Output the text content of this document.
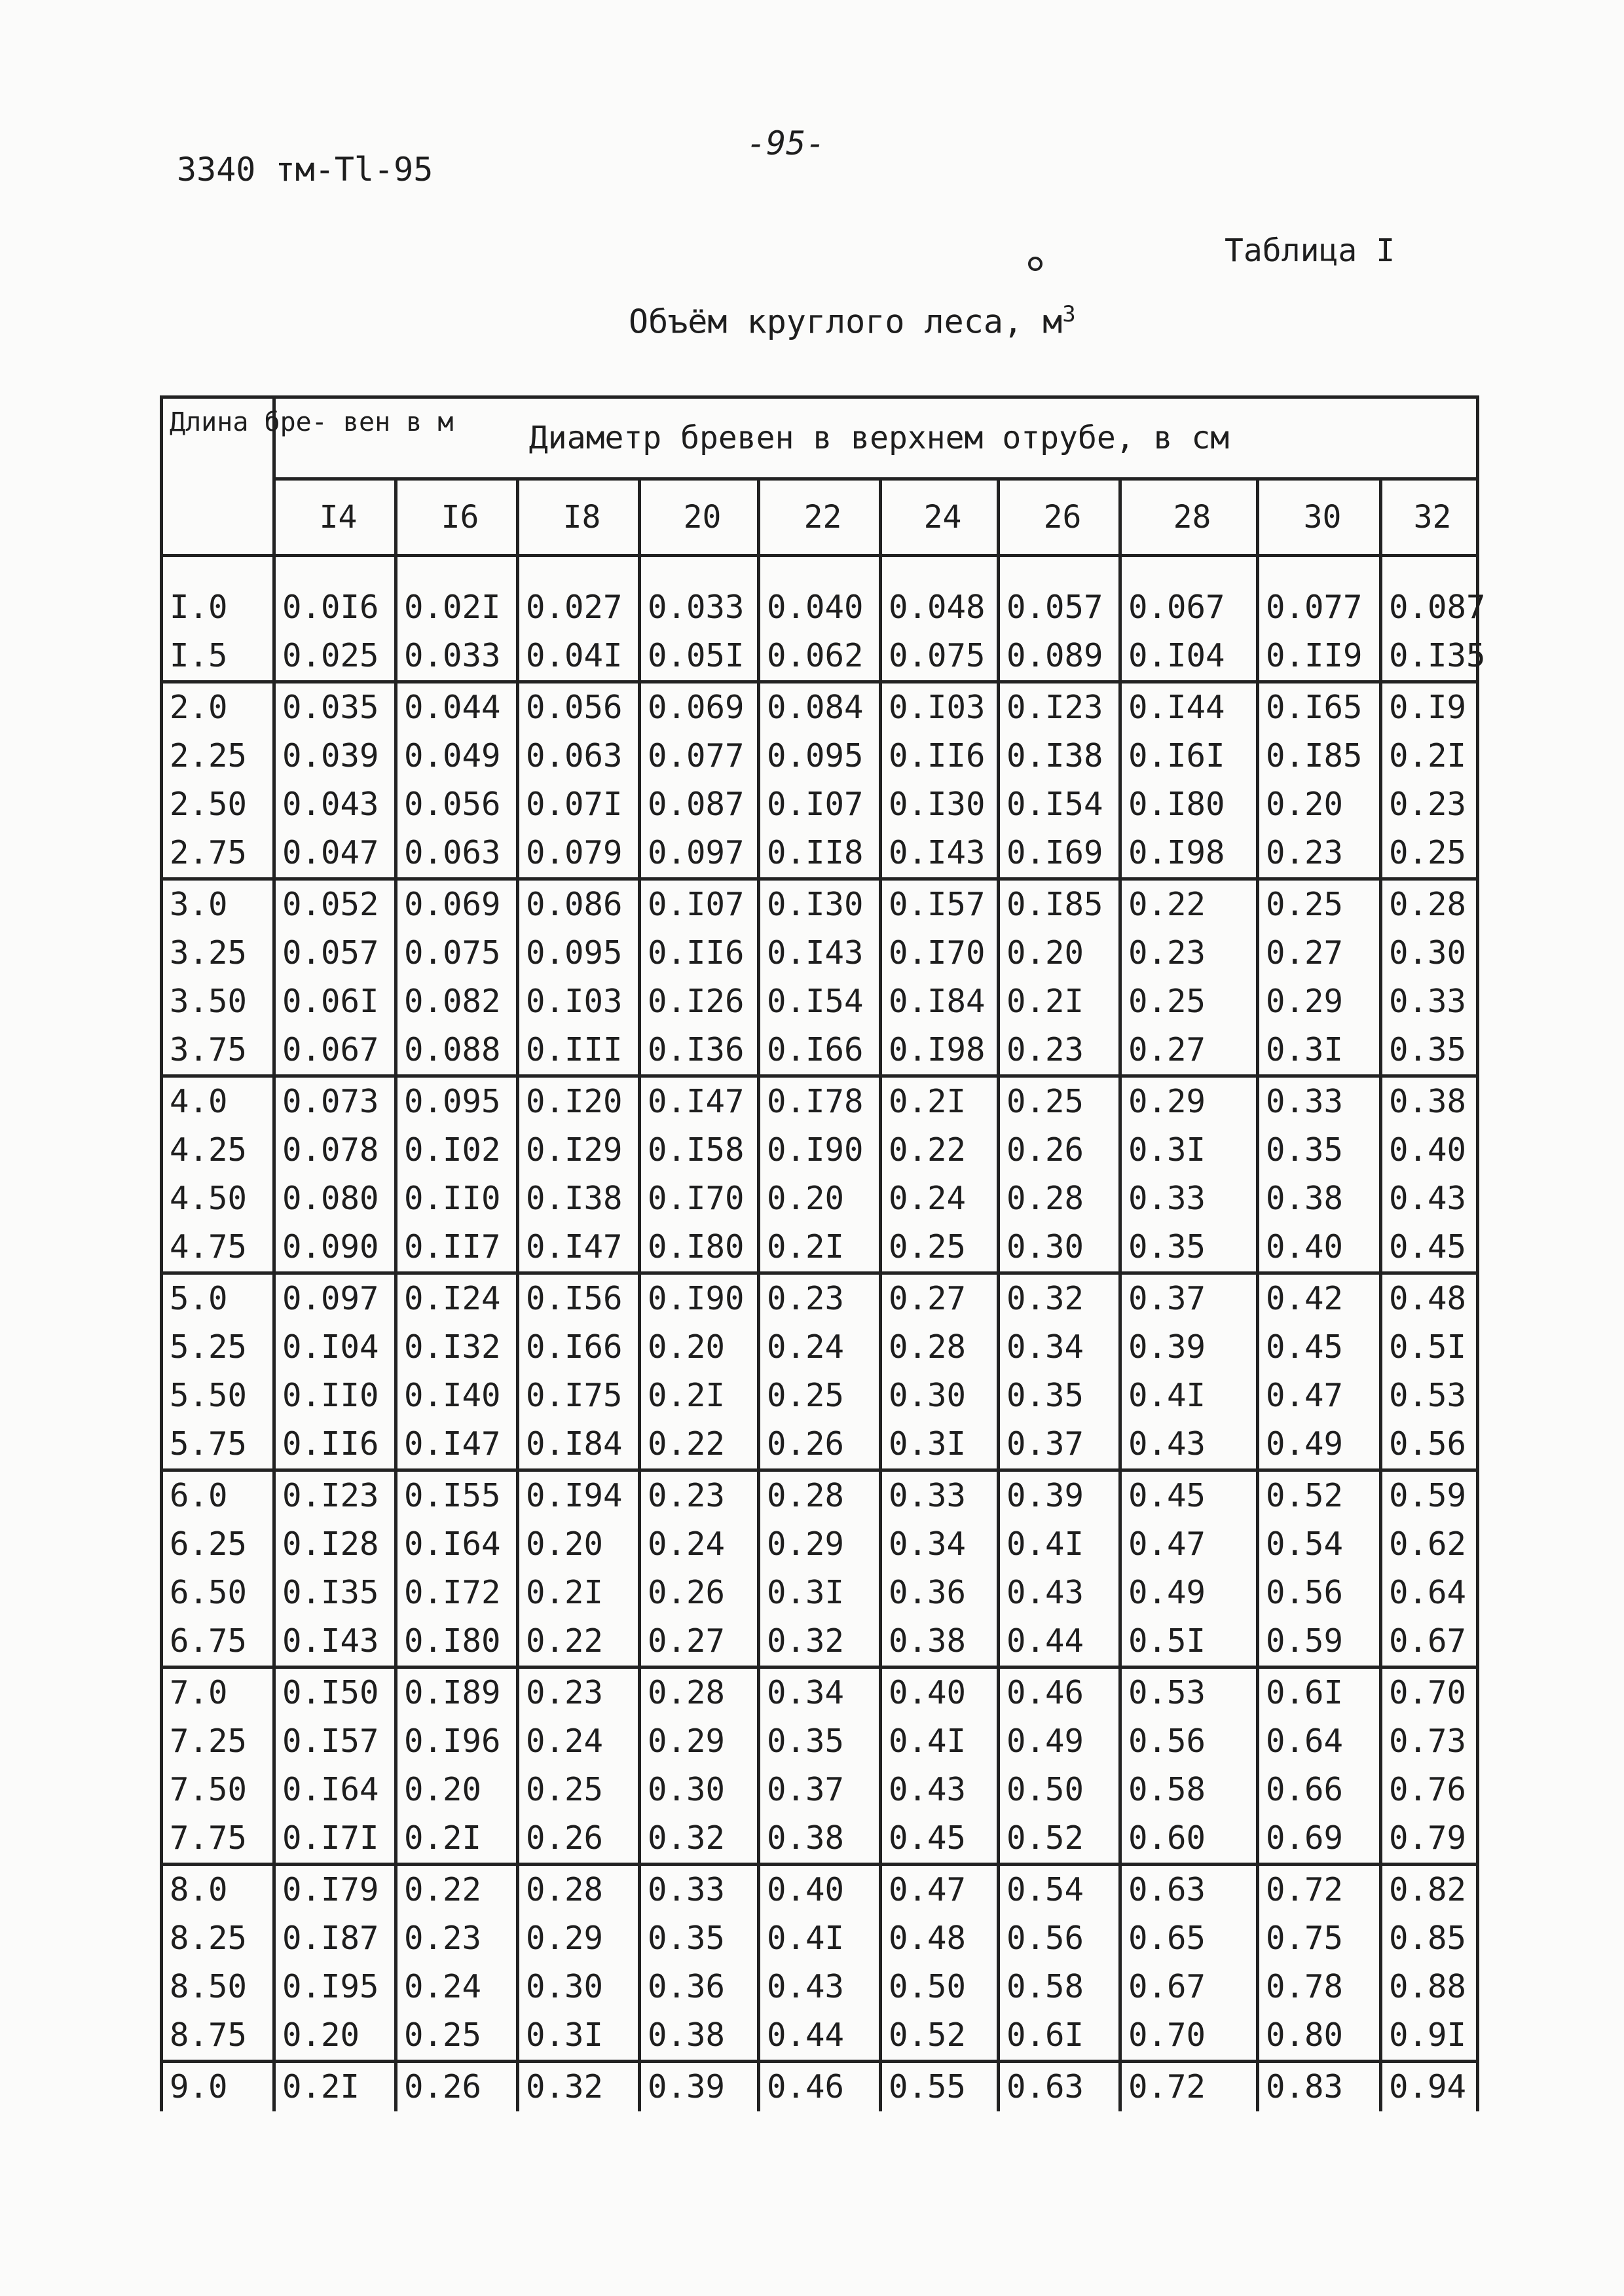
3340 тм-Тl-95
-95-
Таблица I
Объём круглого леса, $м^3$
Длина бре- вен в м	Диаметр бревен в верхнем отрубе, в см									
	I4	I6	I8	20	22	24	26	28	30	32

I.0	0.0I6	0.02I	0.027	0.033	0.040	0.048	0.057	0.067	0.077	0.087
I.5	0.025	0.033	0.04I	0.05I	0.062	0.075	0.089	0.I04	0.II9	0.I35
2.0	0.035	0.044	0.056	0.069	0.084	0.I03	0.I23	0.I44	0.I65	0.I9
2.25	0.039	0.049	0.063	0.077	0.095	0.II6	0.I38	0.I6I	0.I85	0.2I
2.50	0.043	0.056	0.07I	0.087	0.I07	0.I30	0.I54	0.I80	0.20	0.23
2.75	0.047	0.063	0.079	0.097	0.II8	0.I43	0.I69	0.I98	0.23	0.25
3.0	0.052	0.069	0.086	0.I07	0.I30	0.I57	0.I85	0.22	0.25	0.28
3.25	0.057	0.075	0.095	0.II6	0.I43	0.I70	0.20	0.23	0.27	0.30
3.50	0.06I	0.082	0.I03	0.I26	0.I54	0.I84	0.2I	0.25	0.29	0.33
3.75	0.067	0.088	0.III	0.I36	0.I66	0.I98	0.23	0.27	0.3I	0.35
4.0	0.073	0.095	0.I20	0.I47	0.I78	0.2I	0.25	0.29	0.33	0.38
4.25	0.078	0.I02	0.I29	0.I58	0.I90	0.22	0.26	0.3I	0.35	0.40
4.50	0.080	0.II0	0.I38	0.I70	0.20	0.24	0.28	0.33	0.38	0.43
4.75	0.090	0.II7	0.I47	0.I80	0.2I	0.25	0.30	0.35	0.40	0.45
5.0	0.097	0.I24	0.I56	0.I90	0.23	0.27	0.32	0.37	0.42	0.48
5.25	0.I04	0.I32	0.I66	0.20	0.24	0.28	0.34	0.39	0.45	0.5I
5.50	0.II0	0.I40	0.I75	0.2I	0.25	0.30	0.35	0.4I	0.47	0.53
5.75	0.II6	0.I47	0.I84	0.22	0.26	0.3I	0.37	0.43	0.49	0.56
6.0	0.I23	0.I55	0.I94	0.23	0.28	0.33	0.39	0.45	0.52	0.59
6.25	0.I28	0.I64	0.20	0.24	0.29	0.34	0.4I	0.47	0.54	0.62
6.50	0.I35	0.I72	0.2I	0.26	0.3I	0.36	0.43	0.49	0.56	0.64
6.75	0.I43	0.I80	0.22	0.27	0.32	0.38	0.44	0.5I	0.59	0.67
7.0	0.I50	0.I89	0.23	0.28	0.34	0.40	0.46	0.53	0.6I	0.70
7.25	0.I57	0.I96	0.24	0.29	0.35	0.4I	0.49	0.56	0.64	0.73
7.50	0.I64	0.20	0.25	0.30	0.37	0.43	0.50	0.58	0.66	0.76
7.75	0.I7I	0.2I	0.26	0.32	0.38	0.45	0.52	0.60	0.69	0.79
8.0	0.I79	0.22	0.28	0.33	0.40	0.47	0.54	0.63	0.72	0.82
8.25	0.I87	0.23	0.29	0.35	0.4I	0.48	0.56	0.65	0.75	0.85
8.50	0.I95	0.24	0.30	0.36	0.43	0.50	0.58	0.67	0.78	0.88
8.75	0.20	0.25	0.3I	0.38	0.44	0.52	0.6I	0.70	0.80	0.9I
9.0	0.2I	0.26	0.32	0.39	0.46	0.55	0.63	0.72	0.83	0.94
